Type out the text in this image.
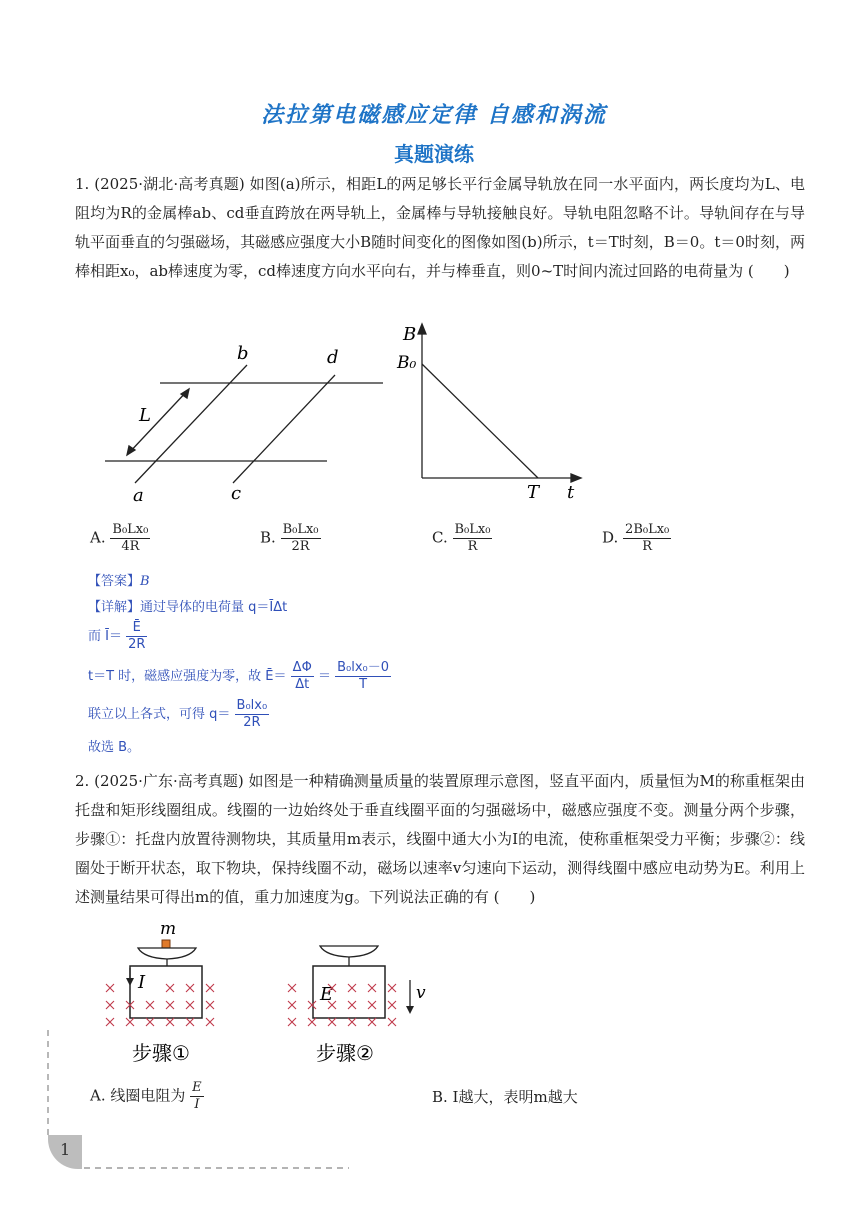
法拉第电磁感应定律 自感和涡流
真题演练
1. (2025·湖北·高考真题) 如图(a)所示，相距L的两足够长平行金属导轨放在同一水平面内，两长度均为L、电阻均为R的金属棒ab、cd垂直跨放在两导轨上，金属棒与导轨接触良好。导轨电阻忽略不计。导轨间存在与导轨平面垂直的匀强磁场，其磁感应强度大小B随时间变化的图像如图(b)所示，t＝T时刻，B＝0。t＝0时刻，两棒相距x₀，ab棒速度为零，cd棒速度方向水平向右，并与棒垂直，则0~T时间内流过回路的电荷量为 (　　)
L
a
b
c
d
B
B₀
T t
A. $\frac{\text{B₀Lx₀}}{4R}$	B. $\frac{\text{B₀Lx₀}}{2R}$	C. $\frac{\text{B₀Lx₀}}{R}$	D. $\frac{\text{2B₀Lx₀}}{R}$
【答案】B
【详解】通过导体的电荷量 q＝ĪΔt
而 Ī＝ $\frac{Ē}{2R}$
t＝T 时，磁感应强度为零，故 Ē＝ $\frac{\Delta\Phi}{\Delta t} = \frac{\text{B₀lx₀－0}}{T}$
联立以上各式，可得 $q= \frac{\text{B₀lx₀}}{2R}$
故选 B。
2. (2025·广东·高考真题) 如图是一种精确测量质量的装置原理示意图，竖直平面内，质量恒为M的称重框架由托盘和矩形线圈组成。线圈的一边始终处于垂直线圈平面的匀强磁场中，磁感应强度不变。测量分两个步骤，步骤①：托盘内放置待测物块，其质量用m表示，线圈中通大小为I的电流，使称重框架受力平衡；步骤②：线圈处于断开状态，取下物块，保持线圈不动，磁场以速率v匀速向下运动，测得线圈中感应电动势为E。利用上述测量结果可得出m的值，重力加速度为g。下列说法正确的有 (　　)
m
I
步骤①
E	v
步骤②
A. 线圈电阻为 $\frac{E}{I}$	B. I越大，表明m越大
1
